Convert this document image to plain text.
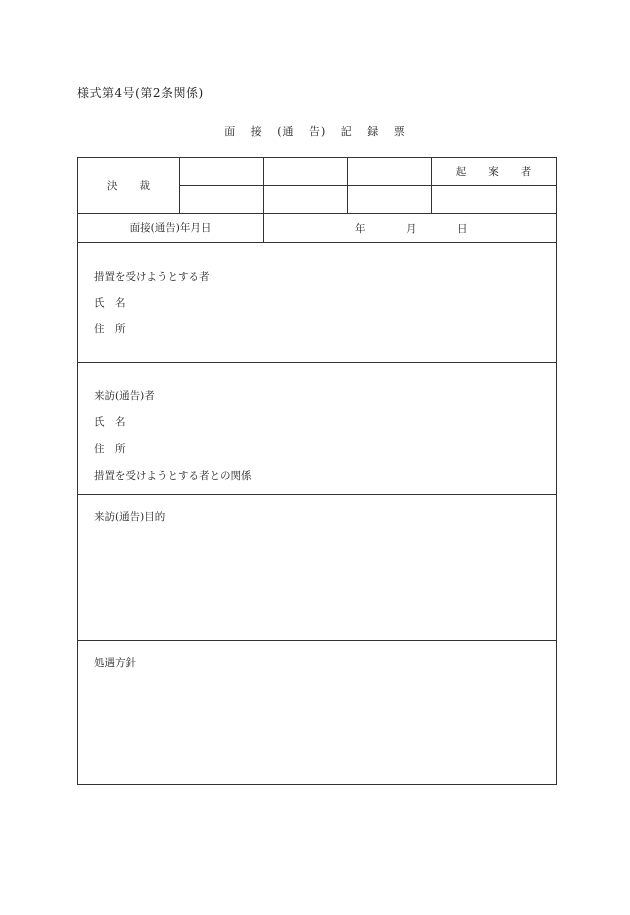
様式第4号(第2条関係)
面 接 (通 告) 記 録 票
決 裁
起 案 者
面接(通告)年月日	年	月	日
措置を受けようとする者
氏　名
住　所
来訪(通告)者
氏　名
住　所
措置を受けようとする者との関係
来訪(通告)目的
処遇方針
